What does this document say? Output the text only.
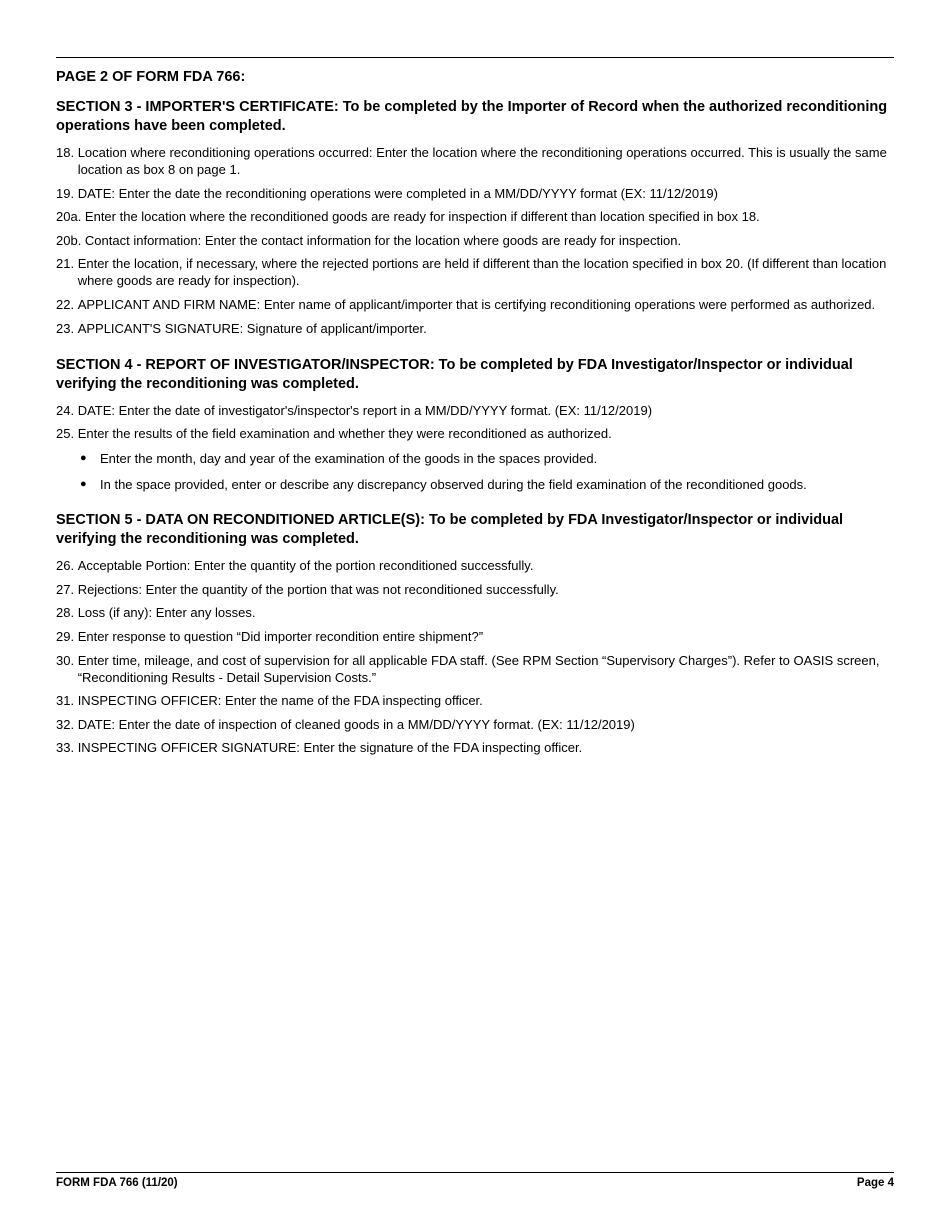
PAGE 2 OF FORM FDA 766:
SECTION 3 - IMPORTER'S CERTIFICATE: To be completed by the Importer of Record when the authorized reconditioning operations have been completed.
18. Location where reconditioning operations occurred: Enter the location where the reconditioning operations occurred. This is usually the same location as box 8 on page 1.
19. DATE: Enter the date the reconditioning operations were completed in a MM/DD/YYYY format (EX: 11/12/2019)
20a. Enter the location where the reconditioned goods are ready for inspection if different than location specified in box 18.
20b. Contact information: Enter the contact information for the location where goods are ready for inspection.
21. Enter the location, if necessary, where the rejected portions are held if different than the location specified in box 20. (If different than location where goods are ready for inspection).
22. APPLICANT AND FIRM NAME: Enter name of applicant/importer that is certifying reconditioning operations were performed as authorized.
23. APPLICANT'S SIGNATURE: Signature of applicant/importer.
SECTION 4 - REPORT OF INVESTIGATOR/INSPECTOR: To be completed by FDA Investigator/Inspector or individual verifying the reconditioning was completed.
24. DATE: Enter the date of investigator's/inspector's report in a MM/DD/YYYY format. (EX: 11/12/2019)
25. Enter the results of the field examination and whether they were reconditioned as authorized.
●	Enter the month, day and year of the examination of the goods in the spaces provided.
●	In the space provided, enter or describe any discrepancy observed during the field examination of the reconditioned goods.
SECTION 5 - DATA ON RECONDITIONED ARTICLE(S): To be completed by FDA Investigator/Inspector or individual verifying the reconditioning was completed.
26. Acceptable Portion: Enter the quantity of the portion reconditioned successfully.
27. Rejections: Enter the quantity of the portion that was not reconditioned successfully.
28. Loss (if any): Enter any losses.
29. Enter response to question “Did importer recondition entire shipment?”
30. Enter time, mileage, and cost of supervision for all applicable FDA staff. (See RPM Section “Supervisory Charges”). Refer to OASIS screen, “Reconditioning Results - Detail Supervision Costs.”
31. INSPECTING OFFICER: Enter the name of the FDA inspecting officer.
32. DATE: Enter the date of inspection of cleaned goods in a MM/DD/YYYY format. (EX: 11/12/2019)
33. INSPECTING OFFICER SIGNATURE: Enter the signature of the FDA inspecting officer.
FORM FDA 766 (11/20)	Page 4
